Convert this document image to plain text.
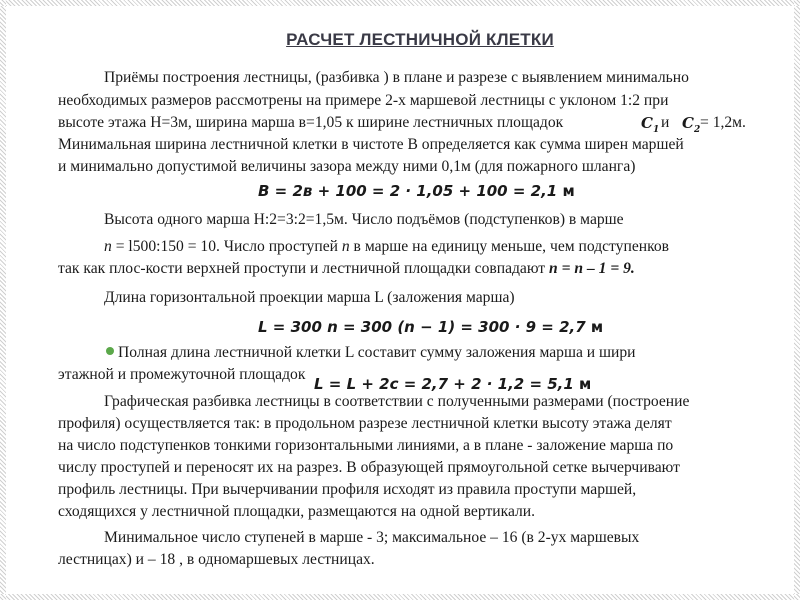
РАСЧЕТ ЛЕСТНИЧНОЙ КЛЕТКИ
Приёмы построения лестницы, (разбивка ) в плане и разрезе с выявлением минимально
необходимых размеров рассмотрены на примере 2-х маршевой лестницы с уклоном 1:2 при
высоте этажа Н=3м, ширина марша в=1,05 к ширине лестничных площадок	$C_1$ и $C_2 = 1,2м$.
Минимальная ширина лестничной клетки в чистоте В определяется как сумма ширен маршей
и минимально допустимой величины зазора между ними 0,1м (для пожарного шланга)
B = 2в + 100 = 2 · 1,05 + 100 = 2,1 м
Высота одного марша Н:2=3:2=1,5м. Число подъёмов (подступенков) в марше
n = l500:150 = 10. Число проступей n в марше на единицу меньше, чем подступенков
так как плос-кости верхней проступи и лестничной площадки совпадают n = n – 1 = 9.
Длина горизонтальной проекции марша L (заложения марша)
L = 300 n = 300 (n − 1) = 300 · 9 = 2,7 м
Полная длина лестничной клетки L составит сумму заложения марша и шири
этажной и промежуточной площадок
L = L + 2c = 2,7 + 2 · 1,2 = 5,1 м
Графическая разбивка лестницы в соответствии с полученными размерами (построение
профиля) осуществляется так: в продольном разрезе лестничной клетки высоту этажа делят
на число подступенков тонкими горизонтальными линиями, а в плане - заложение марша по
числу проступей и переносят их на разрез. В образующей прямоугольной сетке вычерчивают
профиль лестницы. При вычерчивании профиля исходят из правила проступи маршей,
сходящихся у лестничной площадки, размещаются на одной вертикали.
Минимальное число ступеней в марше - 3; максимальное – 16 (в 2-ух маршевых
лестницах) и – 18 , в одномаршевых лестницах.
